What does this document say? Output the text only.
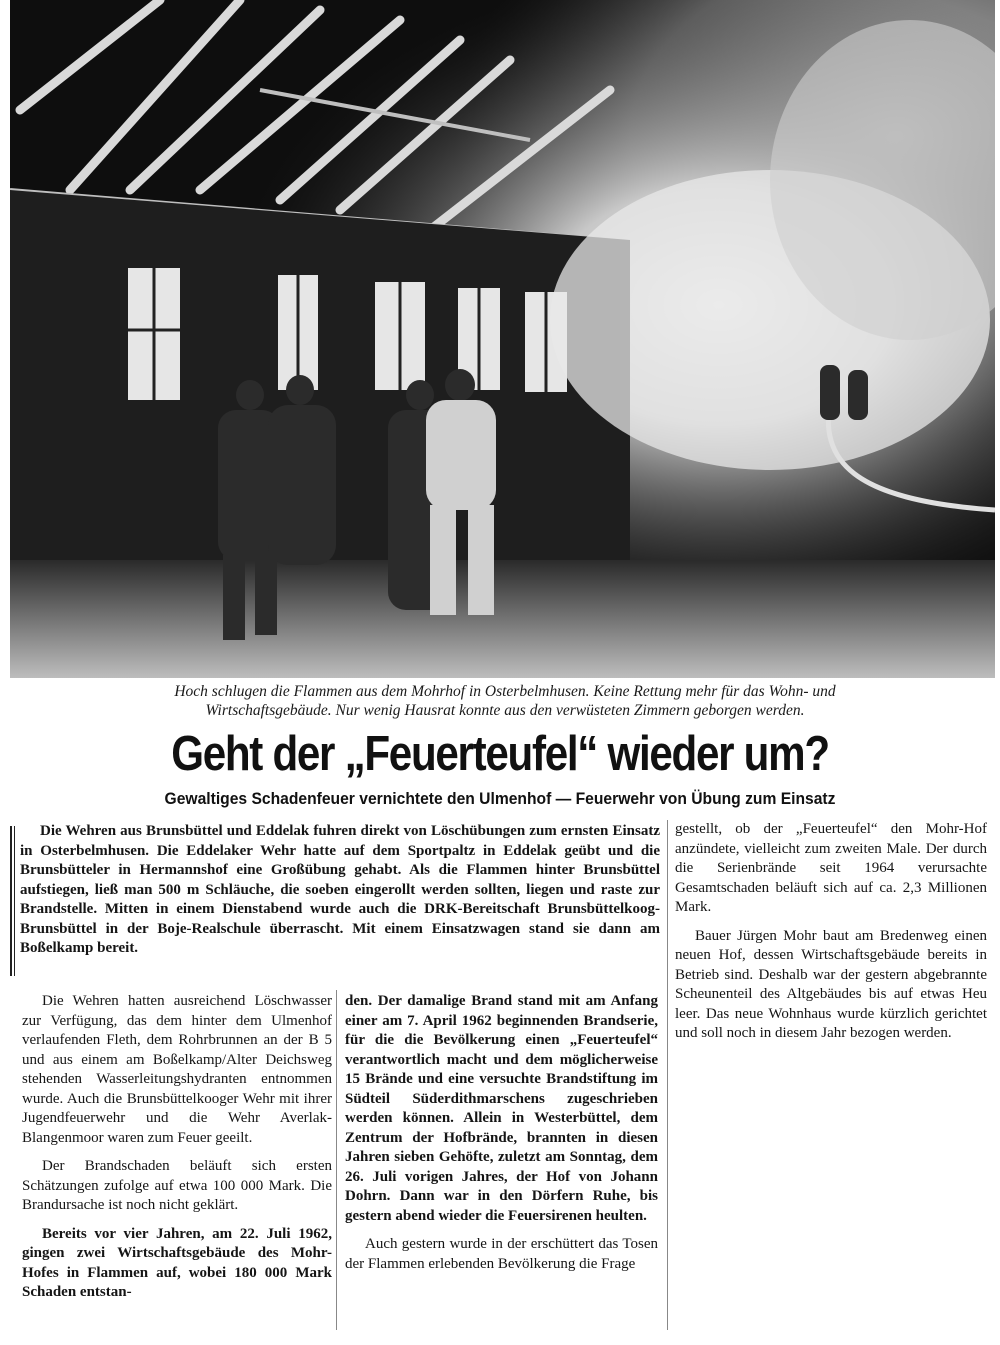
Hoch schlugen die Flammen aus dem Mohrhof in Osterbelmhusen. Keine Rettung mehr für das Wohn- und
Wirtschaftsgebäude. Nur wenig Hausrat konnte aus den verwüsteten Zimmern geborgen werden.
Geht der „Feuerteufel“ wieder um?
Gewaltiges Schadenfeuer vernichtete den Ulmenhof — Feuerwehr von Übung zum Einsatz

Die Wehren aus Brunsbüttel und Eddelak fuhren direkt von Löschübungen zum ernsten Einsatz in Osterbelmhusen. Die Eddelaker Wehr hatte auf dem Sportpaltz in Eddelak geübt und die Brunsbütteler in Hermannshof eine Großübung gehabt. Als die Flammen hinter Brunsbüttel aufstiegen, ließ man 500 m Schläuche, die soeben eingerollt werden sollten, liegen und raste zur Brandstelle. Mitten in einem Dienstabend wurde auch die DRK-Bereitschaft Brunsbüttelkoog-Brunsbüttel in der Boje-Realschule überrascht. Mit einem Einsatzwagen stand sie dann am Boßelkamp bereit.

Die Wehren hatten ausreichend Löschwasser zur Verfügung, das dem hinter dem Ulmenhof verlaufenden Fleth, dem Rohrbrunnen an der B 5 und aus einem am Boßelkamp/Alter Deichsweg stehenden Wasserleitungshydranten entnommen wurde. Auch die Brunsbüttelkooger Wehr mit ihrer Jugendfeuerwehr und die Wehr Averlak-Blangenmoor waren zum Feuer geeilt.

Der Brandschaden beläuft sich ersten Schätzungen zufolge auf etwa 100 000 Mark. Die Brandursache ist noch nicht geklärt.

Bereits vor vier Jahren, am 22. Juli 1962, gingen zwei Wirtschaftsgebäude des Mohr-Hofes in Flammen auf, wobei 180 000 Mark Schaden entstan-

den. Der damalige Brand stand mit am Anfang einer am 7. April 1962 beginnenden Brandserie, für die die Bevölkerung einen „Feuerteufel“ verantwortlich macht und dem möglicherweise 15 Brände und eine versuchte Brandstiftung im Südteil Süderdithmarschens zugeschrieben werden können. Allein in Westerbüttel, dem Zentrum der Hofbrände, brannten in diesen Jahren sieben Gehöfte, zuletzt am Sonntag, dem 26. Juli vorigen Jahres, der Hof von Johann Dohrn. Dann war in den Dörfern Ruhe, bis gestern abend wieder die Feuersirenen heulten.

Auch gestern wurde in der erschüttert das Tosen der Flammen erlebenden Bevölkerung die Frage

gestellt, ob der „Feuerteufel“ den Mohr-Hof anzündete, vielleicht zum zweiten Male. Der durch die Serienbrände seit 1964 verursachte Gesamtschaden beläuft sich auf ca. 2,3 Millionen Mark.

Bauer Jürgen Mohr baut am Bredenweg einen neuen Hof, dessen Wirtschaftsgebäude bereits in Betrieb sind. Deshalb war der gestern abgebrannte Scheunenteil des Altgebäudes bis auf etwas Heu leer. Das neue Wohnhaus wurde kürzlich gerichtet und soll noch in diesem Jahr bezogen werden.
